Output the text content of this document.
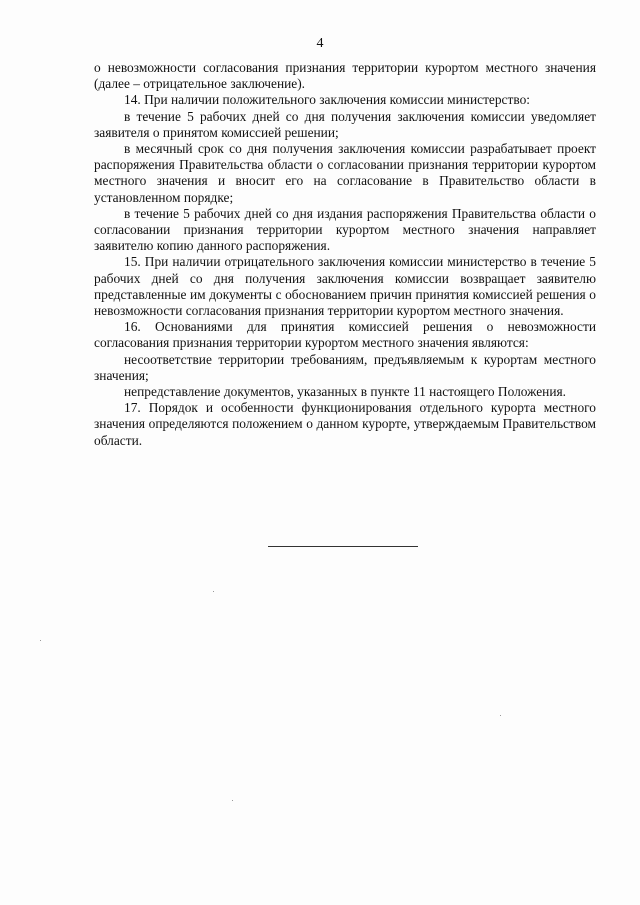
4

о невозможности согласования признания территории курортом местного значения (далее – отрицательное заключение).

14. При наличии положительного заключения комиссии министерство:

в течение 5 рабочих дней со дня получения заключения комиссии уведомляет заявителя о принятом комиссией решении;

в месячный срок со дня получения заключения комиссии разрабатывает проект распоряжения Правительства области о согласовании признания территории курортом местного значения и вносит его на согласование в Правительство области в установленном порядке;

в течение 5 рабочих дней со дня издания распоряжения Правительства области о согласовании признания территории курортом местного значения направляет заявителю копию данного распоряжения.

15. При наличии отрицательного заключения комиссии министерство в течение 5 рабочих дней со дня получения заключения комиссии возвращает заявителю представленные им документы с обоснованием причин принятия комиссией решения о невозможности согласования признания территории курортом местного значения.

16. Основаниями для принятия комиссией решения о невозможности согласования признания территории курортом местного значения являются:

несоответствие территории требованиям, предъявляемым к курортам местного значения;

непредставление документов, указанных в пункте 11 настоящего Положения.

17. Порядок и особенности функционирования отдельного курорта местного значения определяются положением о данном курорте, утверждаемым Правительством области.
